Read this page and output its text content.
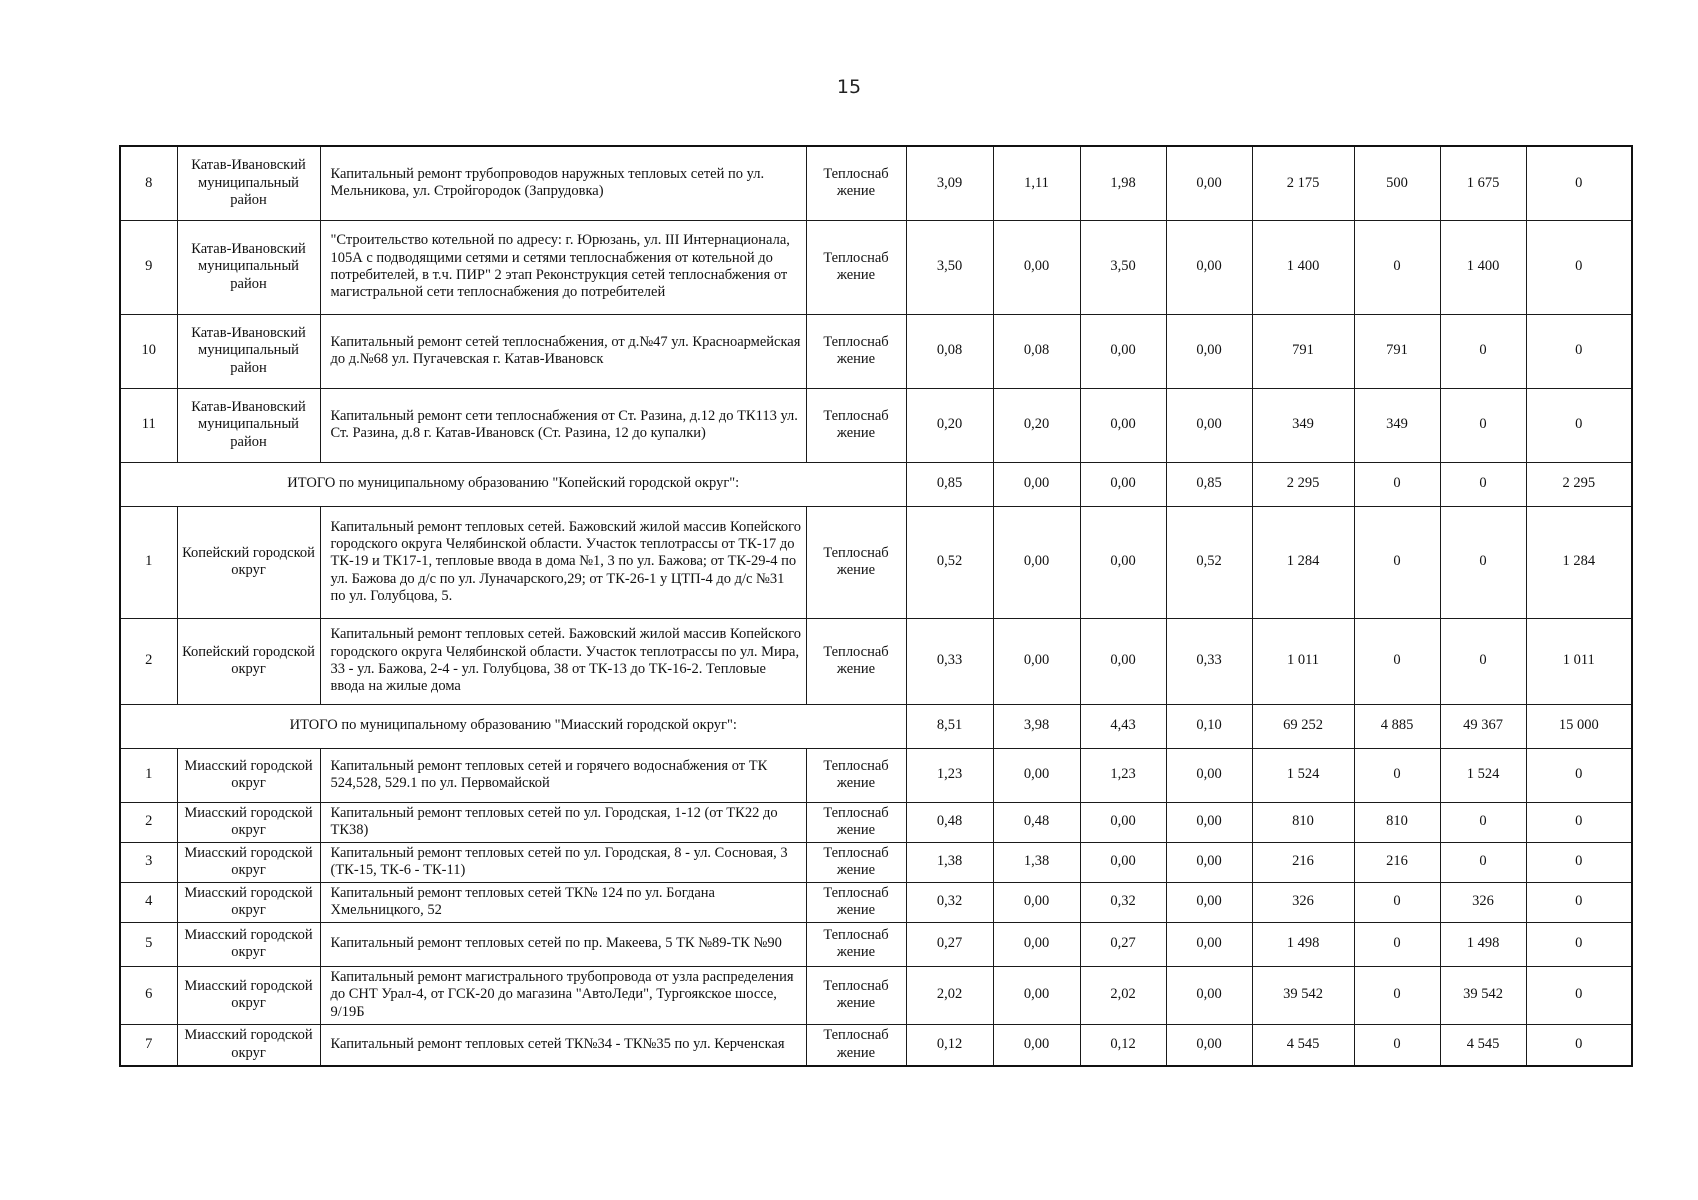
15
8	Катав-Ивановский муниципальный район	Капитальный ремонт трубопроводов наружных тепловых сетей по ул. Мельникова, ул. Стройгородок (Запрудовка)	Теплоснаб жение	3,09	1,11	1,98	0,00	2 175	500	1 675	0
9	Катав-Ивановский муниципальный район	"Строительство котельной по адресу: г. Юрюзань, ул. III Интернационала, 105А с подводящими сетями и сетями теплоснабжения от котельной до потребителей, в т.ч. ПИР" 2 этап Реконструкция сетей теплоснабжения от магистральной сети теплоснабжения до потребителей	Теплоснаб жение	3,50	0,00	3,50	0,00	1 400	0	1 400	0
10	Катав-Ивановский муниципальный район	Капитальный ремонт сетей теплоснабжения, от д.№47 ул. Красноармейская до д.№68 ул. Пугачевская г. Катав-Ивановск	Теплоснаб жение	0,08	0,08	0,00	0,00	791	791	0	0
11	Катав-Ивановский муниципальный район	Капитальный ремонт сети теплоснабжения от Ст. Разина, д.12 до ТК113 ул. Ст. Разина, д.8 г. Катав-Ивановск (Ст. Разина, 12 до купалки)	Теплоснаб жение	0,20	0,20	0,00	0,00	349	349	0	0
ИТОГО по муниципальному образованию "Копейский городской округ":				0,85	0,00	0,00	0,85	2 295	0	0	2 295
1	Копейский городской округ	Капитальный ремонт тепловых сетей. Бажовский жилой массив Копейского городского округа Челябинской области. Участок теплотрассы от ТК-17 до ТК-19 и ТК17-1, тепловые ввода в дома №1, 3 по ул. Бажова; от ТК-29-4 по ул. Бажова до д/с по ул. Луначарского,29; от ТК-26-1 у ЦТП-4 до д/с №31 по ул. Голубцова, 5.	Теплоснаб жение	0,52	0,00	0,00	0,52	1 284	0	0	1 284
2	Копейский городской округ	Капитальный ремонт тепловых сетей. Бажовский жилой массив Копейского городского округа Челябинской области. Участок теплотрассы по ул. Мира, 33 - ул. Бажова, 2-4 - ул. Голубцова, 38 от ТК-13 до ТК-16-2. Тепловые ввода на жилые дома	Теплоснаб жение	0,33	0,00	0,00	0,33	1 011	0	0	1 011
ИТОГО по муниципальному образованию "Миасский городской округ":				8,51	3,98	4,43	0,10	69 252	4 885	49 367	15 000
1	Миасский городской округ	Капитальный ремонт тепловых сетей и горячего водоснабжения от ТК 524,528, 529.1 по ул. Первомайской	Теплоснаб жение	1,23	0,00	1,23	0,00	1 524	0	1 524	0
2	Миасский городской округ	Капитальный ремонт тепловых сетей по ул. Городская, 1-12 (от ТК22 до ТК38)	Теплоснаб жение	0,48	0,48	0,00	0,00	810	810	0	0
3	Миасский городской округ	Капитальный ремонт тепловых сетей по ул. Городская, 8 - ул. Сосновая, 3 (ТК-15, ТК-6 - ТК-11)	Теплоснаб жение	1,38	1,38	0,00	0,00	216	216	0	0
4	Миасский городской округ	Капитальный ремонт тепловых сетей ТК№ 124 по ул. Богдана Хмельницкого, 52	Теплоснаб жение	0,32	0,00	0,32	0,00	326	0	326	0
5	Миасский городской округ	Капитальный ремонт тепловых сетей по пр. Макеева, 5 ТК №89-ТК №90	Теплоснаб жение	0,27	0,00	0,27	0,00	1 498	0	1 498	0
6	Миасский городской округ	Капитальный ремонт магистрального трубопровода от узла распределения до СНТ Урал-4, от ГСК-20 до магазина "АвтоЛеди", Тургоякское шоссе, 9/19Б	Теплоснаб жение	2,02	0,00	2,02	0,00	39 542	0	39 542	0
7	Миасский городской округ	Капитальный ремонт тепловых сетей ТК№34 - ТК№35 по ул. Керченская	Теплоснаб жение	0,12	0,00	0,12	0,00	4 545	0	4 545	0
